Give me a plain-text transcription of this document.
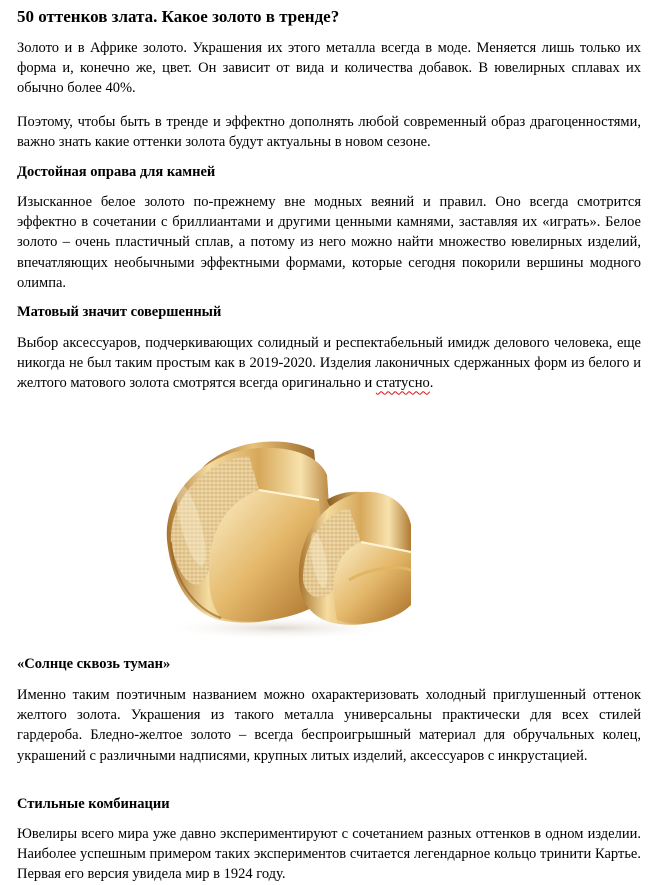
50 оттенков злата. Какое золото в тренде?

Золото и в Африке золото. Украшения их этого металла всегда в моде. Меняется лишь только их форма и, конечно же, цвет. Он зависит от вида и количества добавок. В ювелирных сплавах их обычно более 40%.

Поэтому, чтобы быть в тренде и эффектно дополнять любой современный образ драгоценностями, важно знать какие оттенки золота будут актуальны в новом сезоне.

Достойная оправа для камней

Изысканное белое золото по-прежнему вне модных веяний и правил. Оно всегда смотрится эффектно в сочетании с бриллиантами и другими ценными камнями, заставляя их «играть». Белое золото – очень пластичный сплав, а потому из него можно найти множество ювелирных изделий, впечатляющих необычными эффектными формами, которые сегодня покорили вершины модного олимпа.

Матовый значит совершенный

Выбор аксессуаров, подчеркивающих солидный и респектабельный имидж делового человека, еще никогда не был таким простым как в 2019-2020. Изделия лаконичных сдержанных форм из белого и желтого матового золота смотрятся всегда оригинально и статусно.

«Солнце сквозь туман»

Именно таким поэтичным названием можно охарактеризовать холодный приглушенный оттенок желтого золота. Украшения из такого металла универсальны практически для всех стилей гардероба. Бледно-желтое золото – всегда беспроигрышный материал для обручальных колец, украшений с различными надписями, крупных литых изделий, аксессуаров с инкрустацией.

Стильные комбинации

Ювелиры всего мира уже давно экспериментируют с сочетанием разных оттенков в одном изделии. Наиболее успешным примером таких экспериментов считается легендарное кольцо тринити Картье. Первая его версия увидела мир в 1924 году.
